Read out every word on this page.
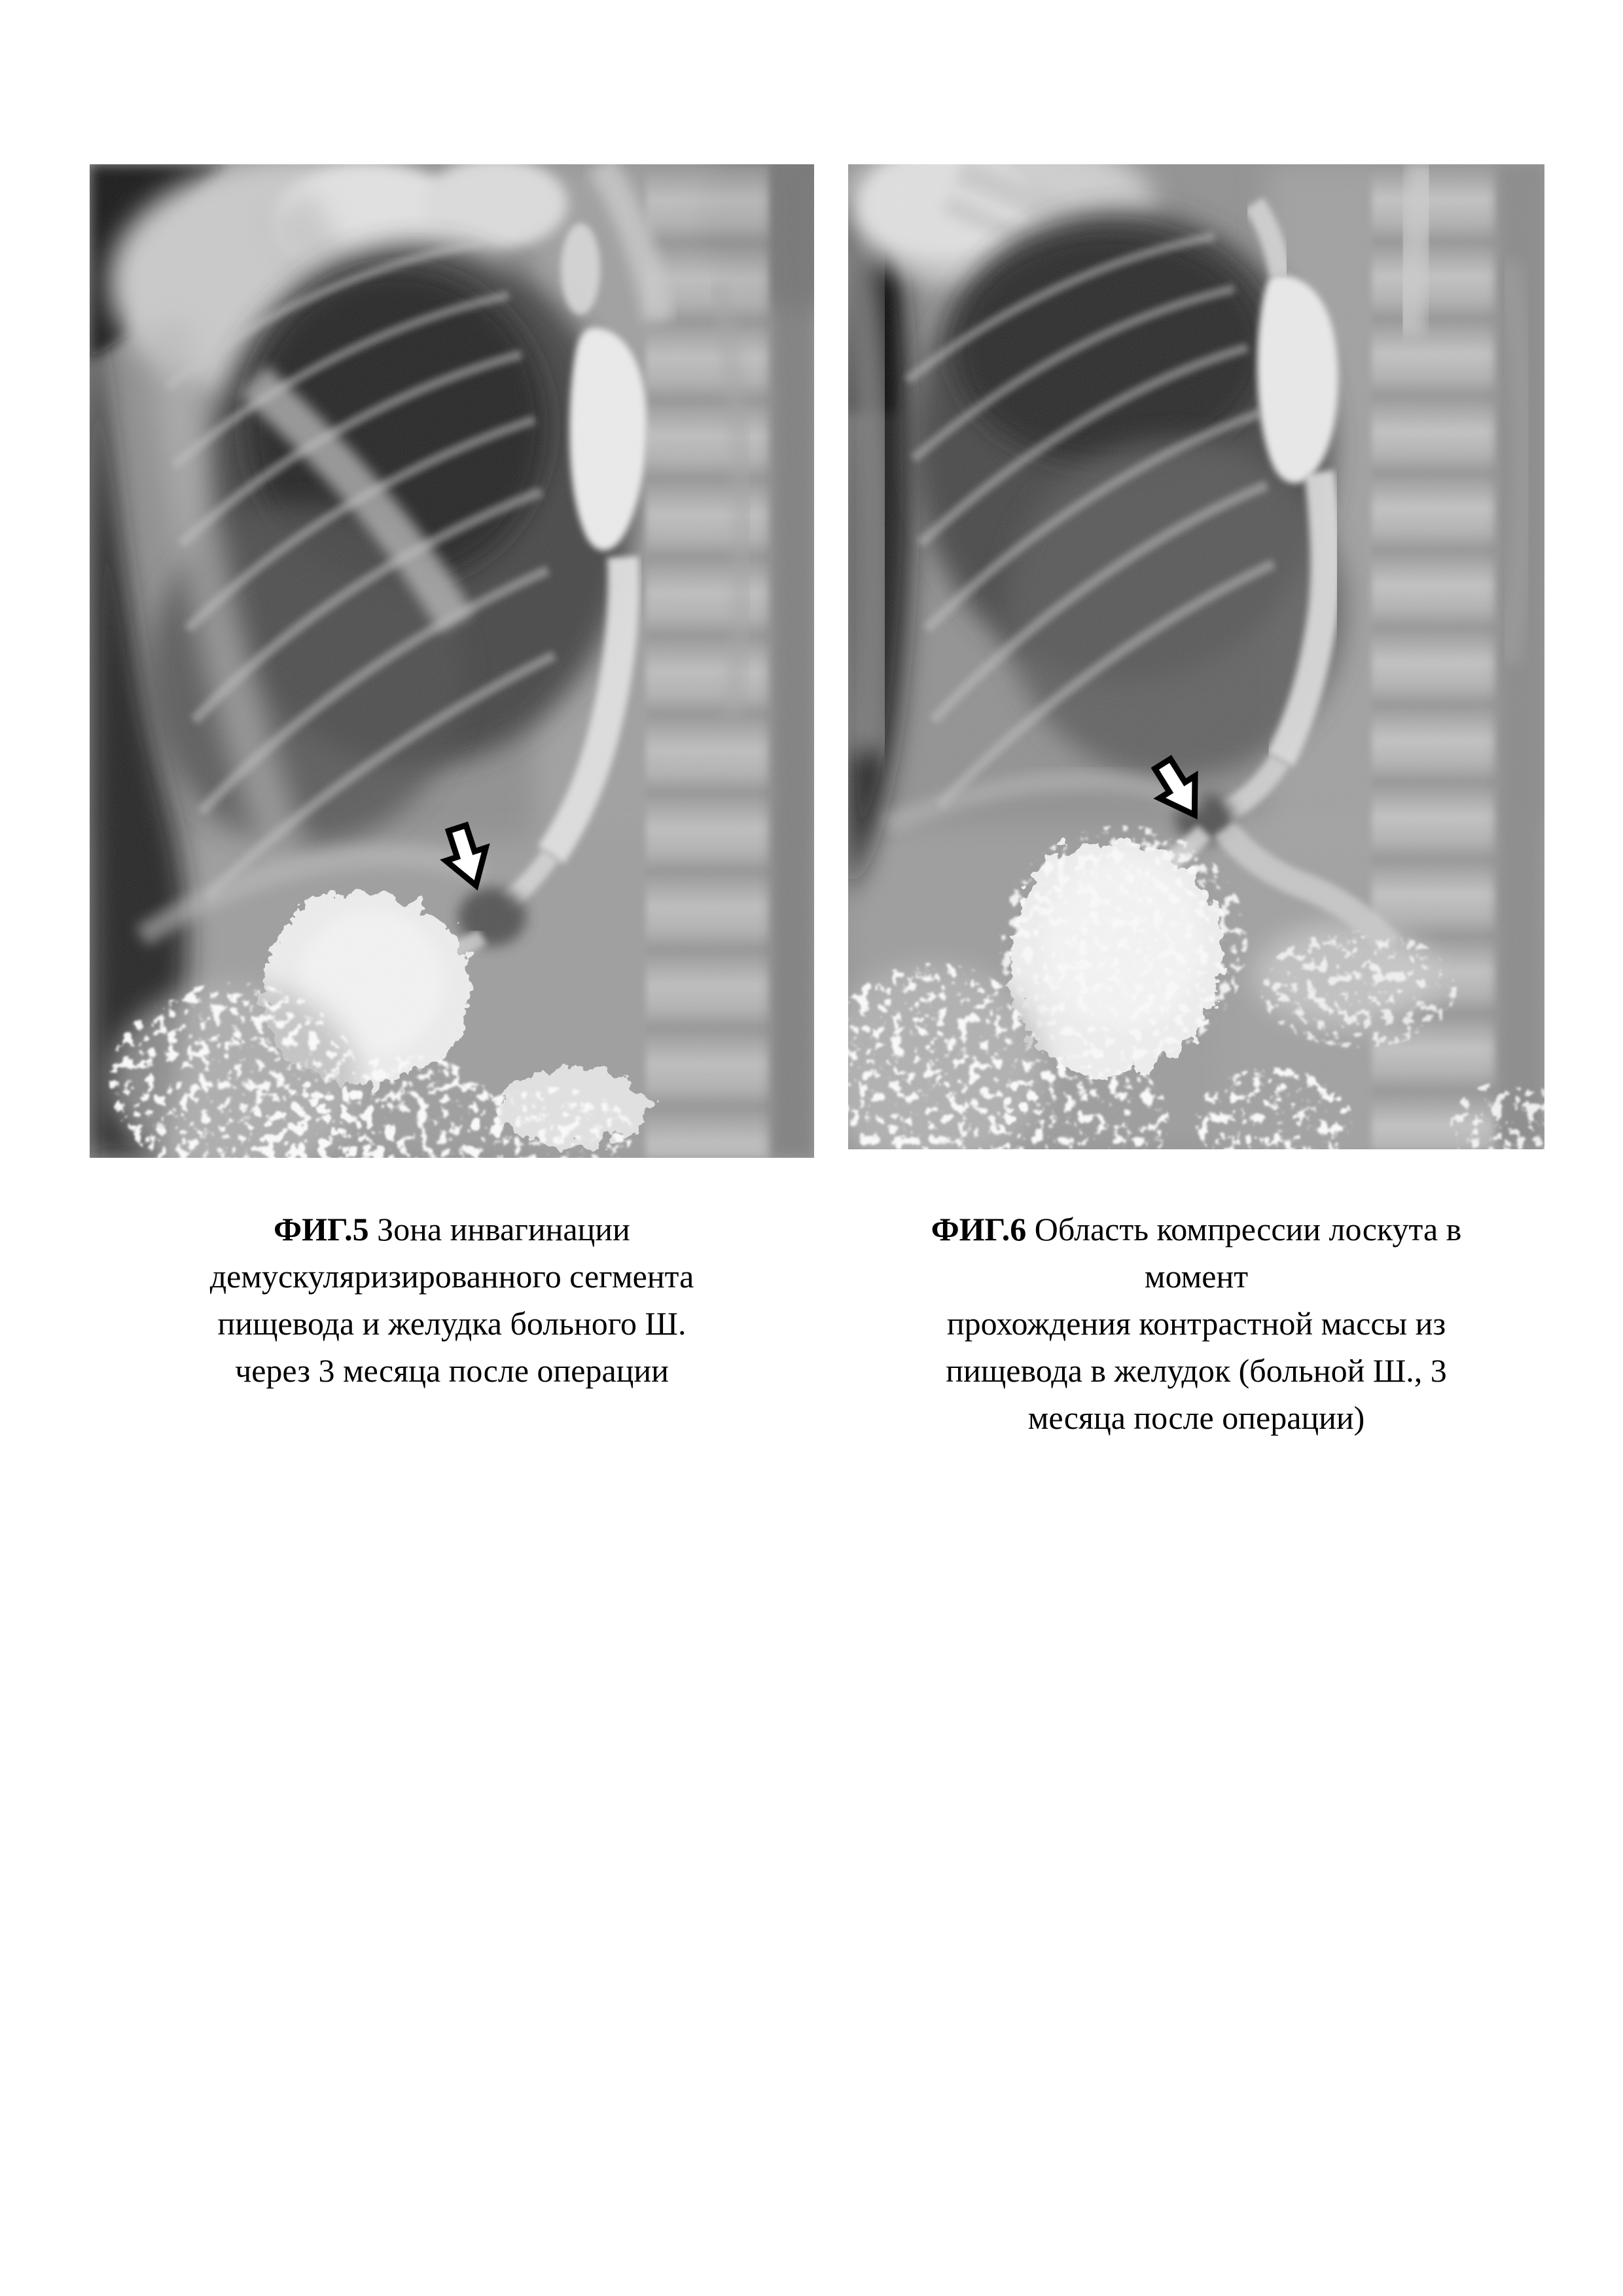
ФИГ.5 Зона инвагинации
демускуляризированного сегмента
пищевода и желудка больного Ш.
через 3 месяца после операции
ФИГ.6 Область компрессии лоскута в
момент
прохождения контрастной массы из
пищевода в желудок (больной Ш., 3
месяца после операции)
